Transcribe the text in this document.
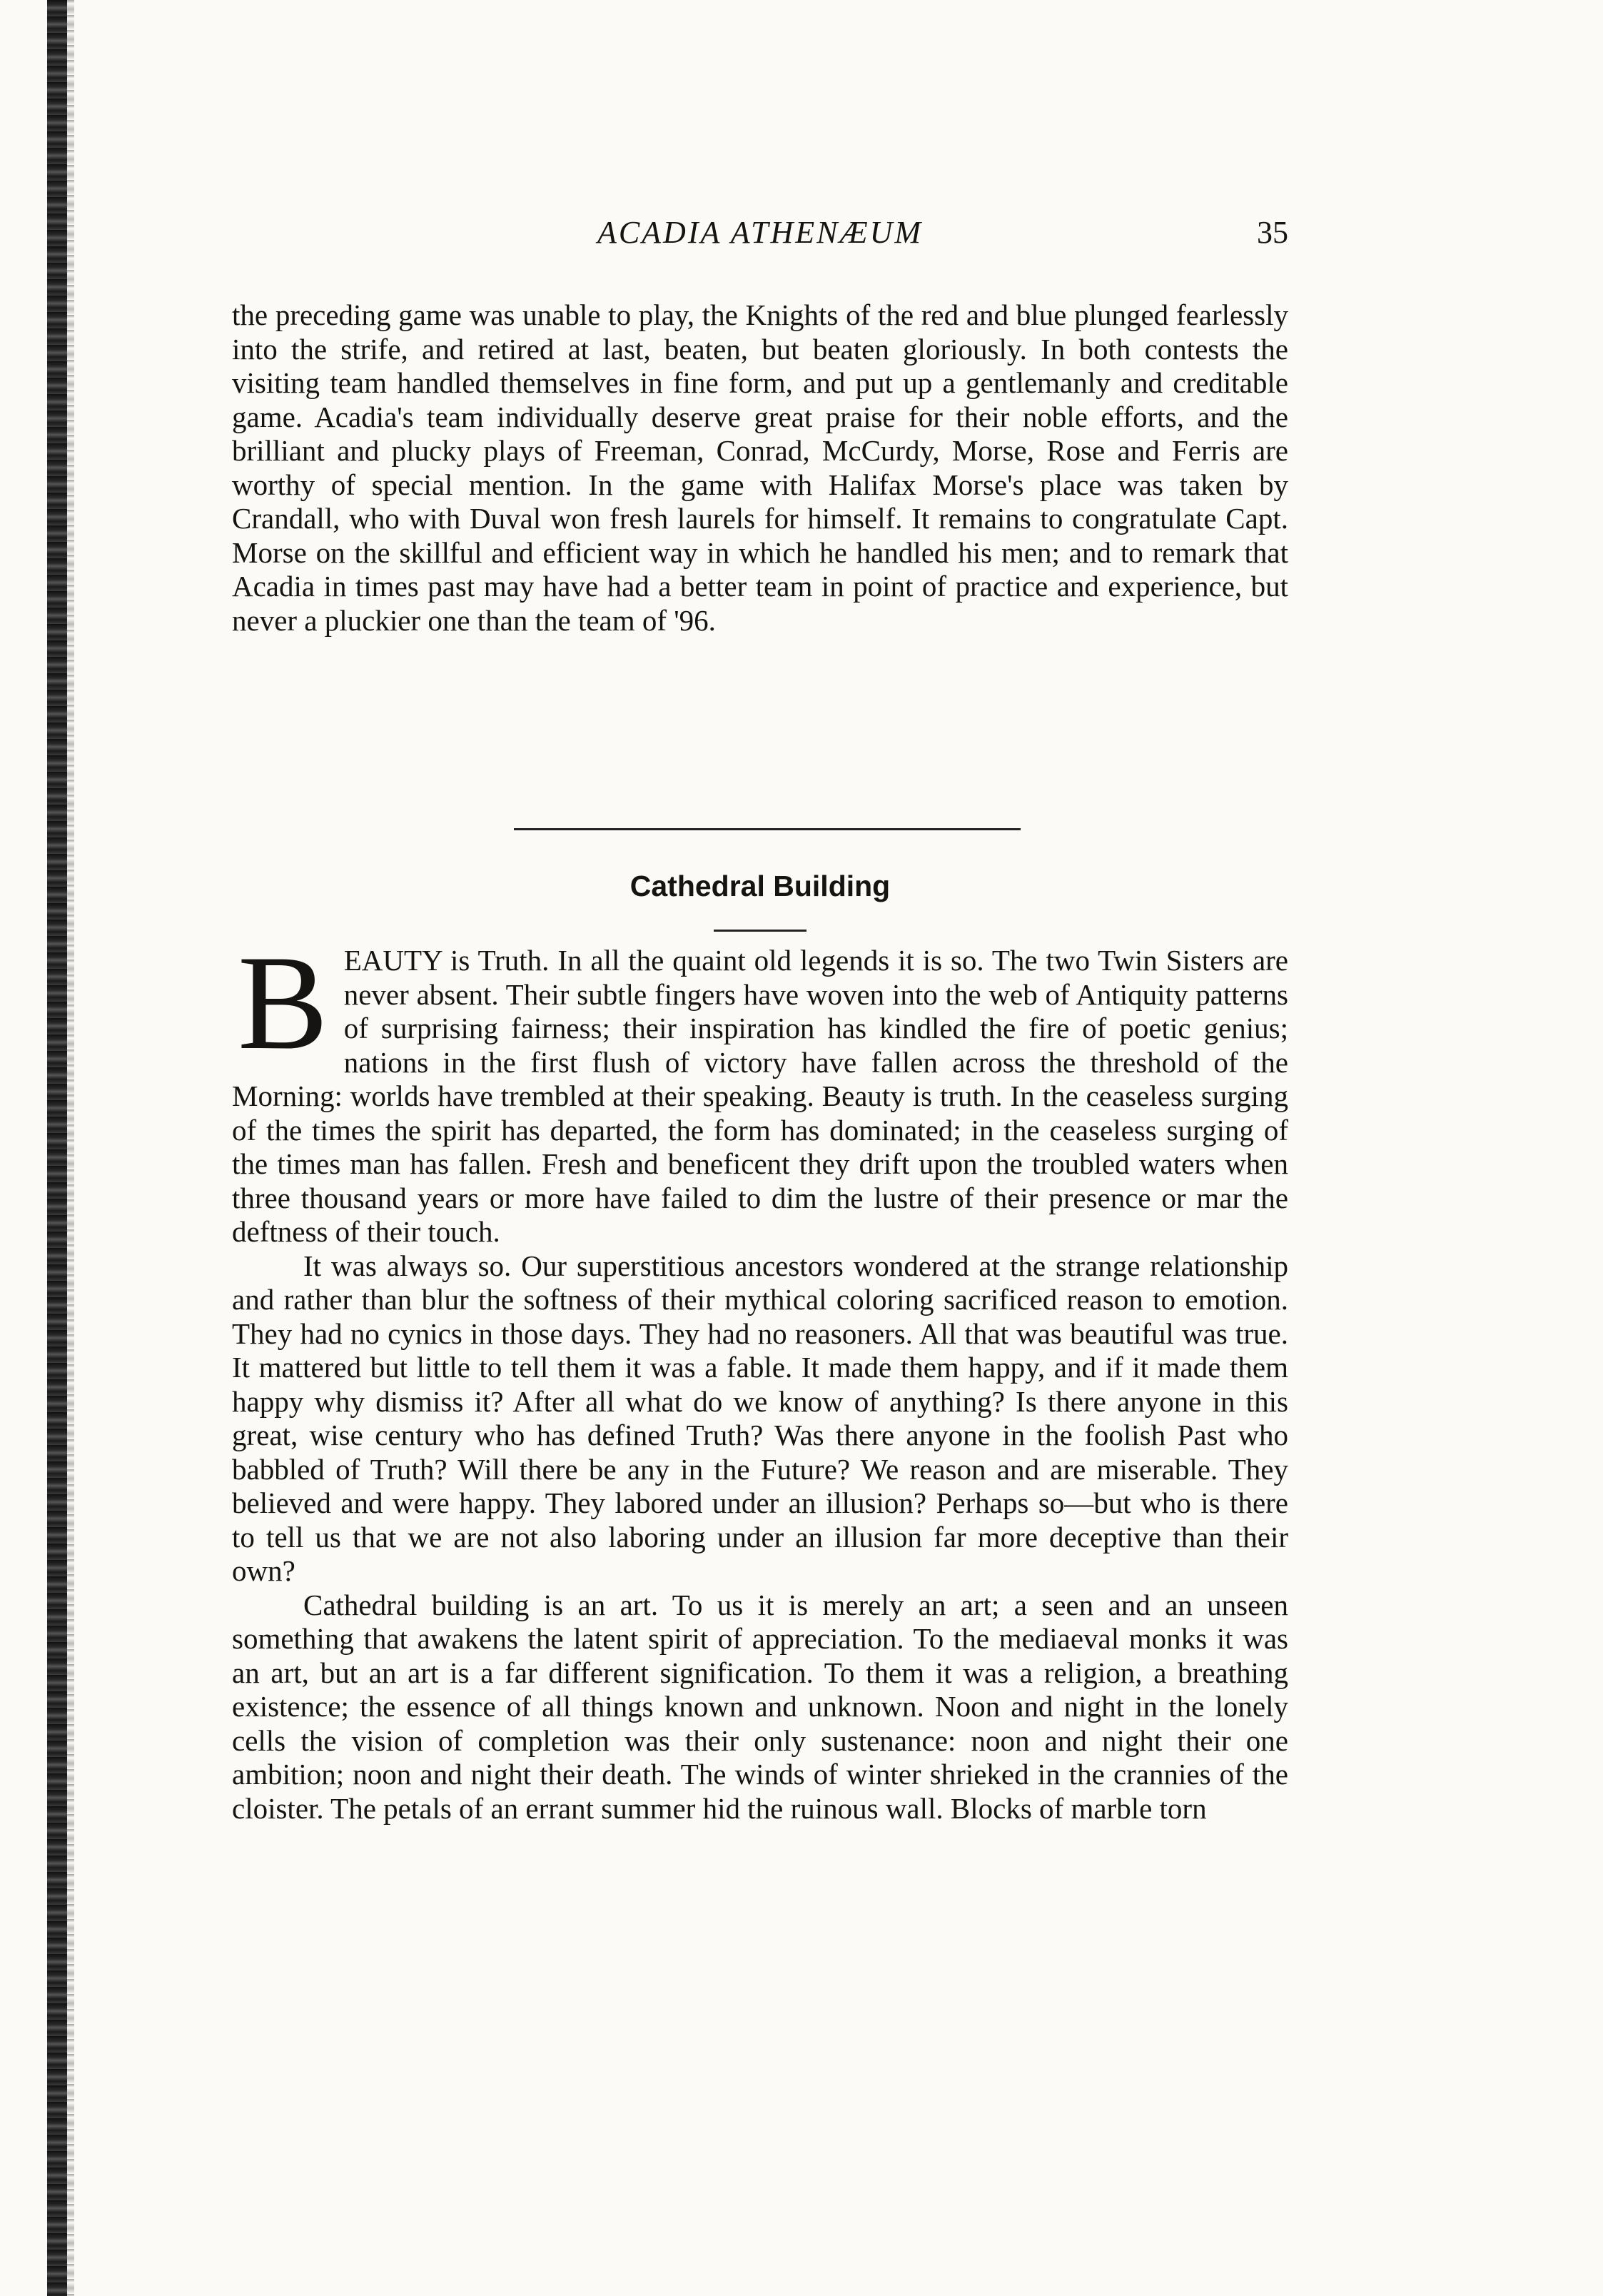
ACADIA ATHENÆUM	35

the preceding game was unable to play, the Knights of the red and blue plunged fearlessly into the strife, and retired at last, beaten, but beaten gloriously. In both contests the visiting team handled themselves in fine form, and put up a gentlemanly and creditable game. Acadia's team individually deserve great praise for their noble efforts, and the brilliant and plucky plays of Freeman, Conrad, McCurdy, Morse, Rose and Ferris are worthy of special mention. In the game with Halifax Morse's place was taken by Crandall, who with Duval won fresh laurels for himself. It remains to congratulate Capt. Morse on the skillful and efficient way in which he handled his men; and to remark that Acadia in times past may have had a better team in point of practice and experience, but never a pluckier one than the team of '96.

Cathedral Building

BEAUTY is Truth. In all the quaint old legends it is so. The two Twin Sisters are never absent. Their subtle fingers have woven into the web of Antiquity patterns of surprising fairness; their inspiration has kindled the fire of poetic genius; nations in the first flush of victory have fallen across the threshold of the Morning: worlds have trembled at their speaking. Beauty is truth. In the ceaseless surging of the times the spirit has departed, the form has dominated; in the ceaseless surging of the times man has fallen. Fresh and beneficent they drift upon the troubled waters when three thousand years or more have failed to dim the lustre of their presence or mar the deftness of their touch.

It was always so. Our superstitious ancestors wondered at the strange relationship and rather than blur the softness of their mythical coloring sacrificed reason to emotion. They had no cynics in those days. They had no reasoners. All that was beautiful was true. It mattered but little to tell them it was a fable. It made them happy, and if it made them happy why dismiss it? After all what do we know of anything? Is there anyone in this great, wise century who has defined Truth? Was there anyone in the foolish Past who babbled of Truth? Will there be any in the Future? We reason and are miserable. They believed and were happy. They labored under an illusion? Perhaps so—but who is there to tell us that we are not also laboring under an illusion far more deceptive than their own?

Cathedral building is an art. To us it is merely an art; a seen and an unseen something that awakens the latent spirit of appreciation. To the mediaeval monks it was an art, but an art is a far different signification. To them it was a religion, a breathing existence; the essence of all things known and unknown. Noon and night in the lonely cells the vision of completion was their only sustenance: noon and night their one ambition; noon and night their death. The winds of winter shrieked in the crannies of the cloister. The petals of an errant summer hid the ruinous wall. Blocks of marble torn
